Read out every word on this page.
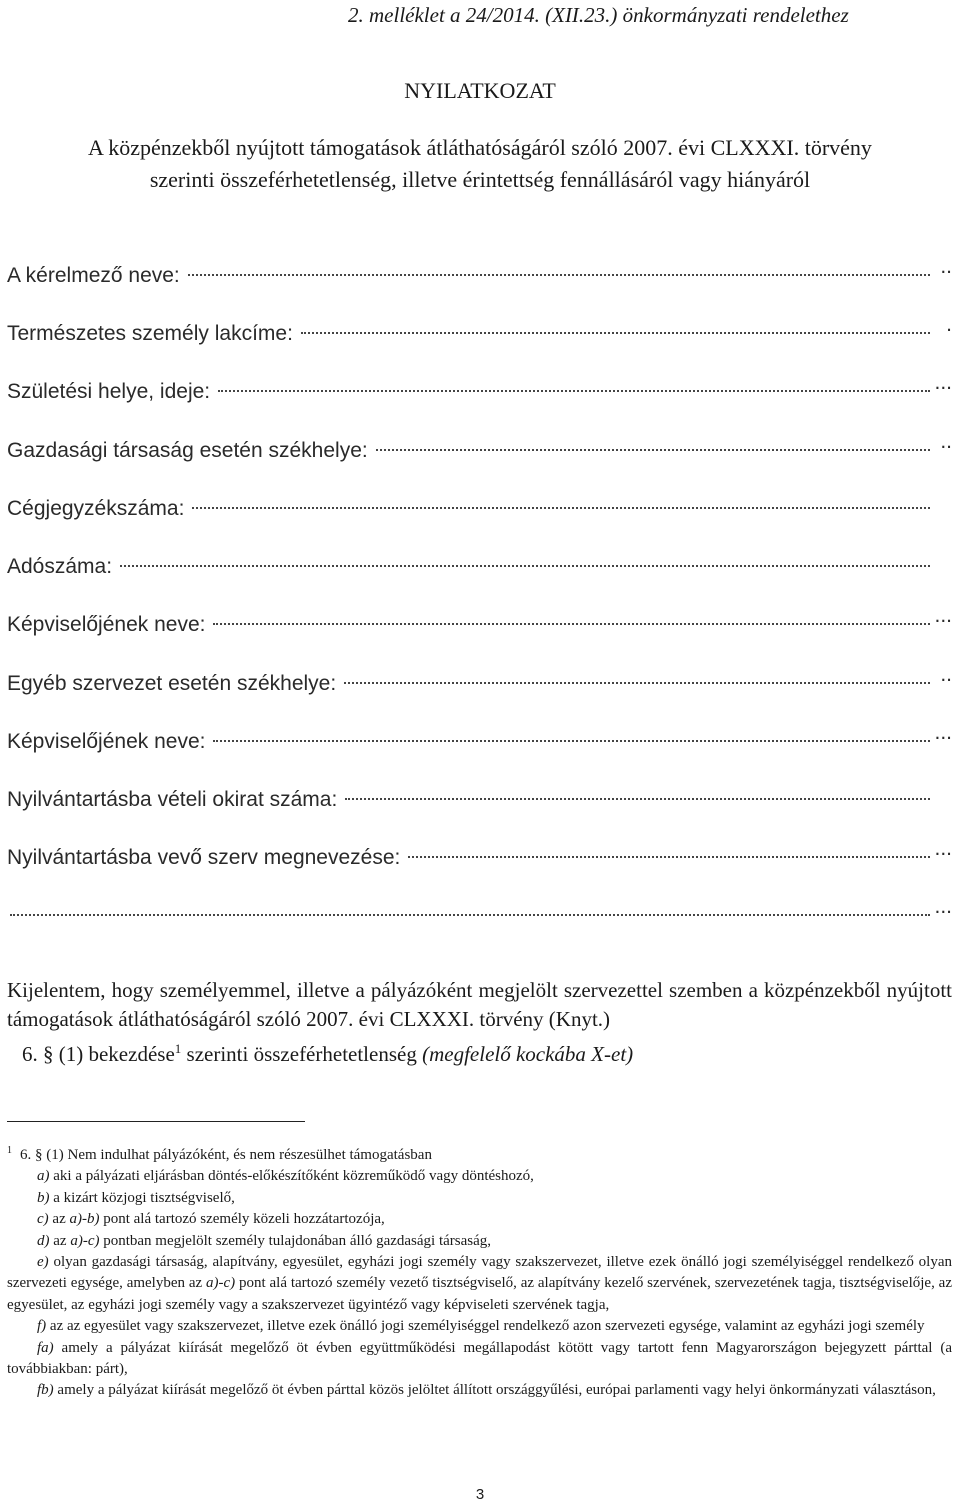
2. melléklet a 24/2014. (XII.23.) önkormányzati rendelethez
NYILATKOZAT
A közpénzekből nyújtott támogatások átláthatóságáról szóló 2007. évi CLXXXI. törvény
szerinti összeférhetetlenség, illetve érintettség fennállásáról vagy hiányáról
A kérelmező neve:	..
Természetes személy lakcíme:	.
Születési helye, ideje:	...
Gazdasági társaság esetén székhelye:	..
Cégjegyzékszáma:
Adószáma:
Képviselőjének neve:	...
Egyéb szervezet esetén székhelye:	..
Képviselőjének neve:	...
Nyilvántartásba vételi okirat száma:
Nyilvántartásba vevő szerv megnevezése:	...
...
Kijelentem, hogy személyemmel, illetve a pályázóként megjelölt szervezettel szemben a közpénzekből nyújtott támogatások átláthatóságáról szóló 2007. évi CLXXXI. törvény (Knyt.)
6. § (1) bekezdése$^1$ szerinti összeférhetetlenség (megfelelő kockába X-et)

$^1$ 6. § (1) Nem indulhat pályázóként, és nem részesülhet támogatásban

a) aki a pályázati eljárásban döntés-előkészítőként közreműködő vagy döntéshozó,

b) a kizárt közjogi tisztségviselő,

c) az a)-b) pont alá tartozó személy közeli hozzátartozója,

d) az a)-c) pontban megjelölt személy tulajdonában álló gazdasági társaság,

e) olyan gazdasági társaság, alapítvány, egyesület, egyházi jogi személy vagy szakszervezet, illetve ezek önálló jogi személyiséggel rendelkező olyan szervezeti egysége, amelyben az a)-c) pont alá tartozó személy vezető tisztségviselő, az alapítvány kezelő szervének, szervezetének tagja, tisztségviselője, az egyesület, az egyházi jogi személy vagy a szakszervezet ügyintéző vagy képviseleti szervének tagja,

f) az az egyesület vagy szakszervezet, illetve ezek önálló jogi személyiséggel rendelkező azon szervezeti egysége, valamint az egyházi jogi személy

fa) amely a pályázat kiírását megelőző öt évben együttműködési megállapodást kötött vagy tartott fenn Magyarországon bejegyzett párttal (a továbbiakban: párt),

fb) amely a pályázat kiírását megelőző öt évben párttal közös jelöltet állított országgyűlési, európai parlamenti vagy helyi önkormányzati választáson,

3
